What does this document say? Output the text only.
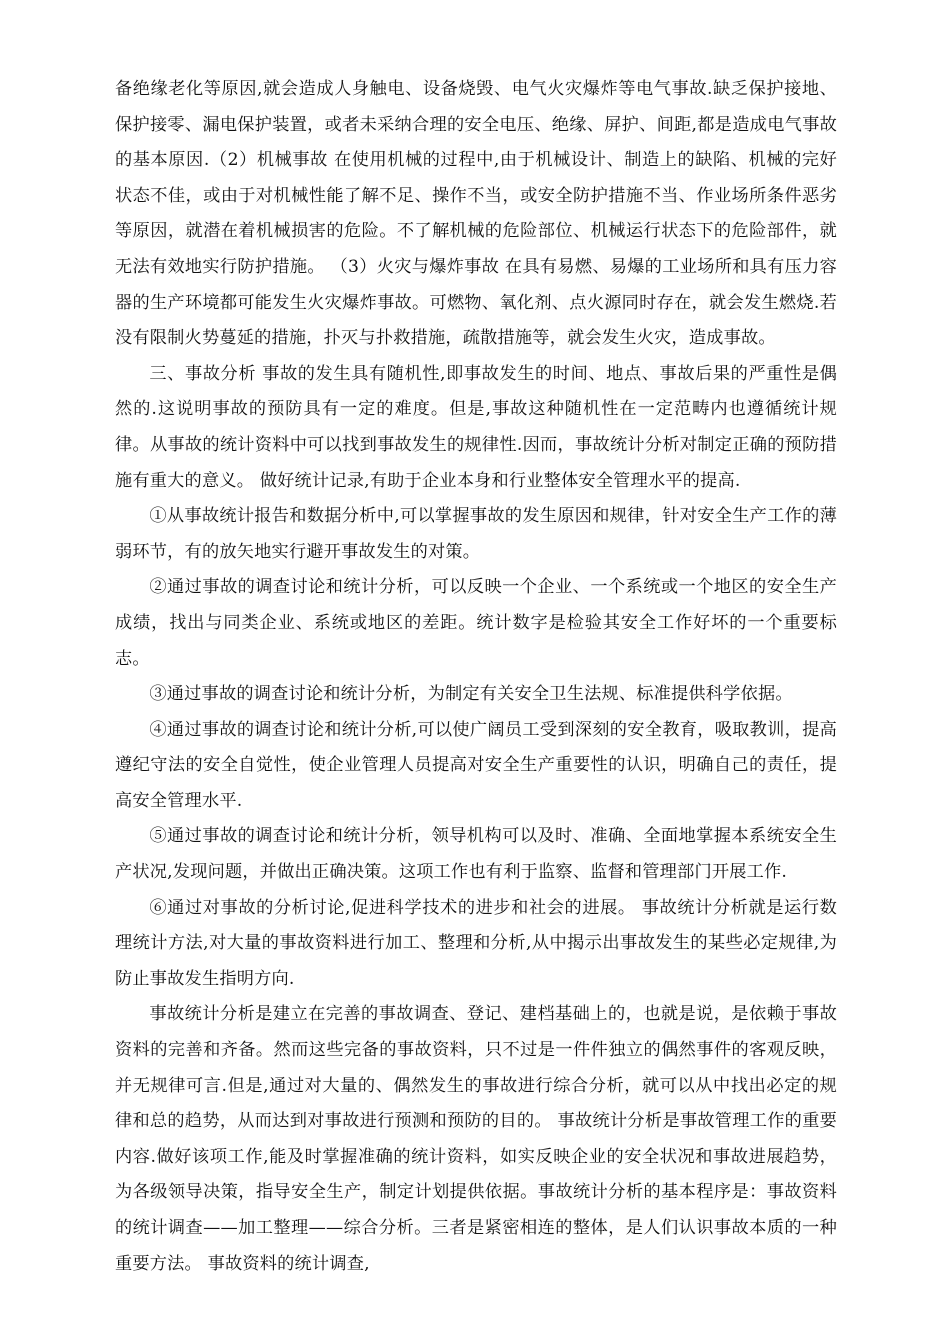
备绝缘老化等原因,就会造成人身触电、设备烧毁、电气火灾爆炸等电气事故.缺乏保护接地、保护接零、漏电保护装置，或者未采纳合理的安全电压、绝缘、屏护、间距,都是造成电气事故的基本原因.（2）机械事故 在使用机械的过程中,由于机械设计、制造上的缺陷、机械的完好状态不佳，或由于对机械性能了解不足、操作不当，或安全防护措施不当、作业场所条件恶劣等原因，就潜在着机械损害的危险。不了解机械的危险部位、机械运行状态下的危险部件，就无法有效地实行防护措施。 （3）火灾与爆炸事故 在具有易燃、易爆的工业场所和具有压力容器的生产环境都可能发生火灾爆炸事故。可燃物、氧化剂、点火源同时存在，就会发生燃烧.若没有限制火势蔓延的措施，扑灭与扑救措施，疏散措施等，就会发生火灾，造成事故。

三、事故分析 事故的发生具有随机性,即事故发生的时间、地点、事故后果的严重性是偶然的.这说明事故的预防具有一定的难度。但是,事故这种随机性在一定范畴内也遵循统计规律。从事故的统计资料中可以找到事故发生的规律性.因而，事故统计分析对制定正确的预防措施有重大的意义。 做好统计记录,有助于企业本身和行业整体安全管理水平的提高.

①从事故统计报告和数据分析中,可以掌握事故的发生原因和规律，针对安全生产工作的薄弱环节，有的放矢地实行避开事故发生的对策。

②通过事故的调查讨论和统计分析，可以反映一个企业、一个系统或一个地区的安全生产成绩，找出与同类企业、系统或地区的差距。统计数字是检验其安全工作好坏的一个重要标志。

③通过事故的调查讨论和统计分析，为制定有关安全卫生法规、标准提供科学依据。

④通过事故的调查讨论和统计分析,可以使广阔员工受到深刻的安全教育，吸取教训，提高遵纪守法的安全自觉性，使企业管理人员提高对安全生产重要性的认识，明确自己的责任，提高安全管理水平.

⑤通过事故的调查讨论和统计分析，领导机构可以及时、准确、全面地掌握本系统安全生产状况,发现问题，并做出正确决策。这项工作也有利于监察、监督和管理部门开展工作.

⑥通过对事故的分析讨论,促进科学技术的进步和社会的进展。 事故统计分析就是运行数理统计方法,对大量的事故资料进行加工、整理和分析,从中揭示出事故发生的某些必定规律,为防止事故发生指明方向.

事故统计分析是建立在完善的事故调查、登记、建档基础上的，也就是说，是依赖于事故资料的完善和齐备。然而这些完备的事故资料，只不过是一件件独立的偶然事件的客观反映，并无规律可言.但是,通过对大量的、偶然发生的事故进行综合分析，就可以从中找出必定的规律和总的趋势，从而达到对事故进行预测和预防的目的。 事故统计分析是事故管理工作的重要内容.做好该项工作,能及时掌握准确的统计资料，如实反映企业的安全状况和事故进展趋势，为各级领导决策，指导安全生产，制定计划提供依据。事故统计分析的基本程序是：事故资料的统计调查——加工整理——综合分析。三者是紧密相连的整体，是人们认识事故本质的一种重要方法。 事故资料的统计调查,
